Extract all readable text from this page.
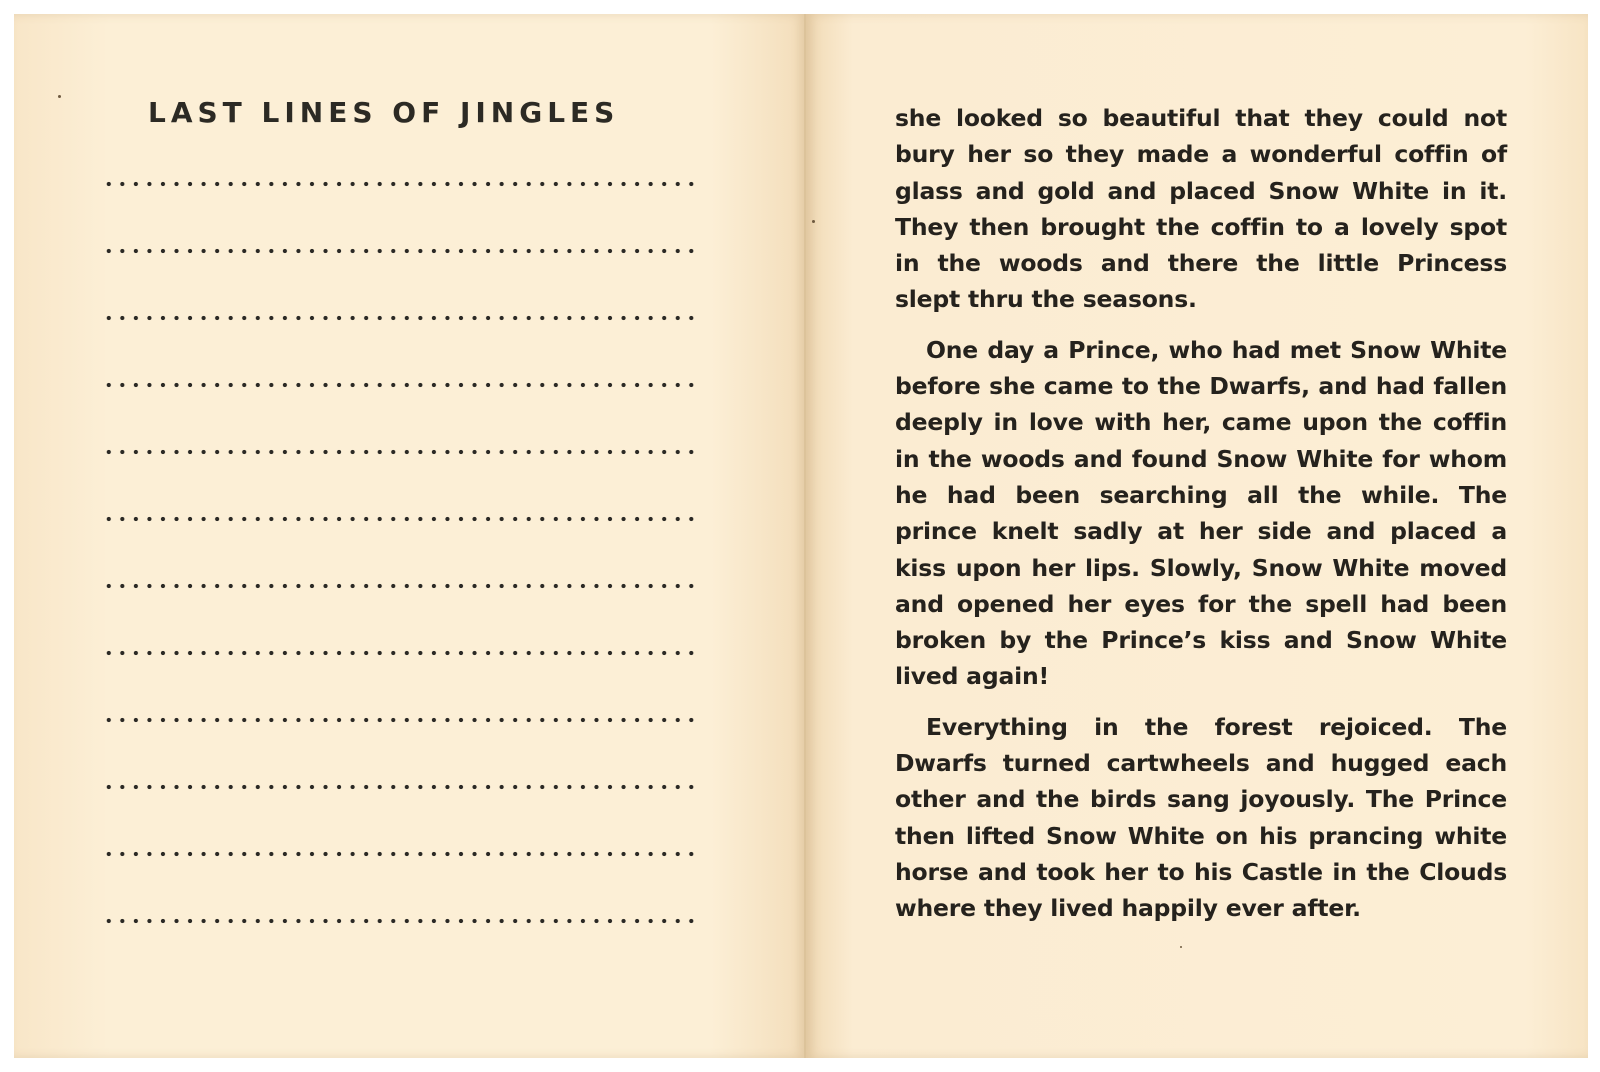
LAST LINES OF JINGLES	she looked so beautiful that they could not bury her so they made a wonderful coffin of glass and gold and placed Snow White in it. They then brought the coffin to a lovely spot in the woods and there the little Princess slept thru the seasons.

One day a Prince, who had met Snow White before she came to the Dwarfs, and had fallen deeply in love with her, came upon the coffin in the woods and found Snow White for whom he had been searching all the while. The prince knelt sadly at her side and placed a kiss upon her lips. Slowly, Snow White moved and opened her eyes for the spell had been broken by the Prince’s kiss and Snow White lived again!

Everything in the forest rejoiced. The Dwarfs turned cartwheels and hugged each other and the birds sang joyously. The Prince then lifted Snow White on his prancing white horse and took her to his Castle in the Clouds where they lived happily ever after.
